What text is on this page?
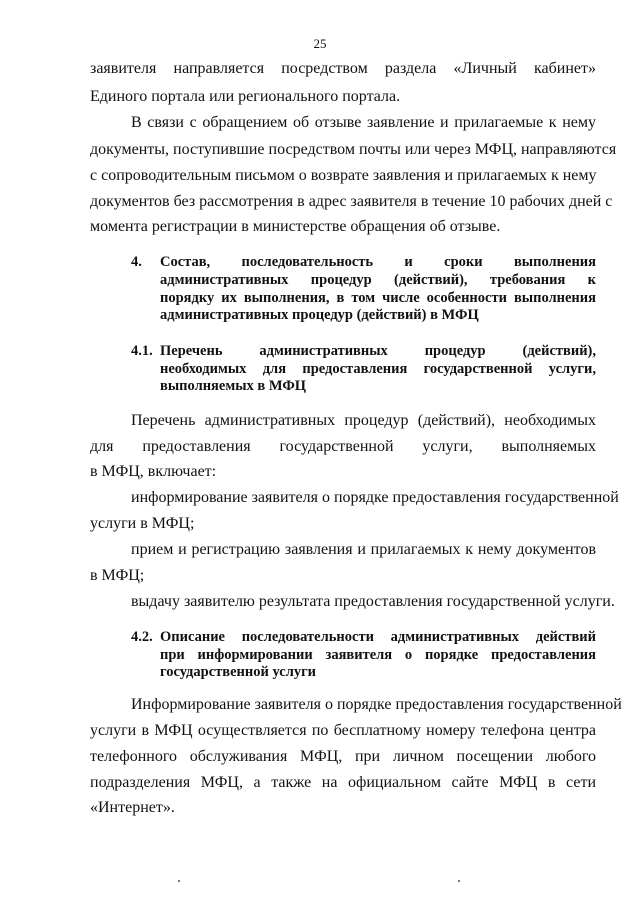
25
заявителя направляется посредством раздела «Личный кабинет»
Единого портала или регионального портала.
В связи с обращением об отзыве заявление и прилагаемые к нему
документы, поступившие посредством почты или через МФЦ, направляются
с сопроводительным письмом о возврате заявления и прилагаемых к нему
документов без рассмотрения в адрес заявителя в течение 10 рабочих дней с
момента регистрации в министерстве обращения об отзыве.
4. Состав, последовательность и сроки выполнения
административных процедур (действий), требования к
порядку их выполнения, в том числе особенности выполнения
административных процедур (действий) в МФЦ
4.1. Перечень административных процедур (действий),
необходимых для предоставления государственной услуги,
выполняемых в МФЦ
Перечень административных процедур (действий), необходимых
для предоставления государственной услуги, выполняемых
в МФЦ, включает:
информирование заявителя о порядке предоставления государственной
услуги в МФЦ;
прием и регистрацию заявления и прилагаемых к нему документов
в МФЦ;
выдачу заявителю результата предоставления государственной услуги.
4.2. Описание последовательности административных действий
при информировании заявителя о порядке предоставления
государственной услуги
Информирование заявителя о порядке предоставления государственной
услуги в МФЦ осуществляется по бесплатному номеру телефона центра
телефонного обслуживания МФЦ, при личном посещении любого
подразделения МФЦ, а также на официальном сайте МФЦ в сети
«Интернет».
